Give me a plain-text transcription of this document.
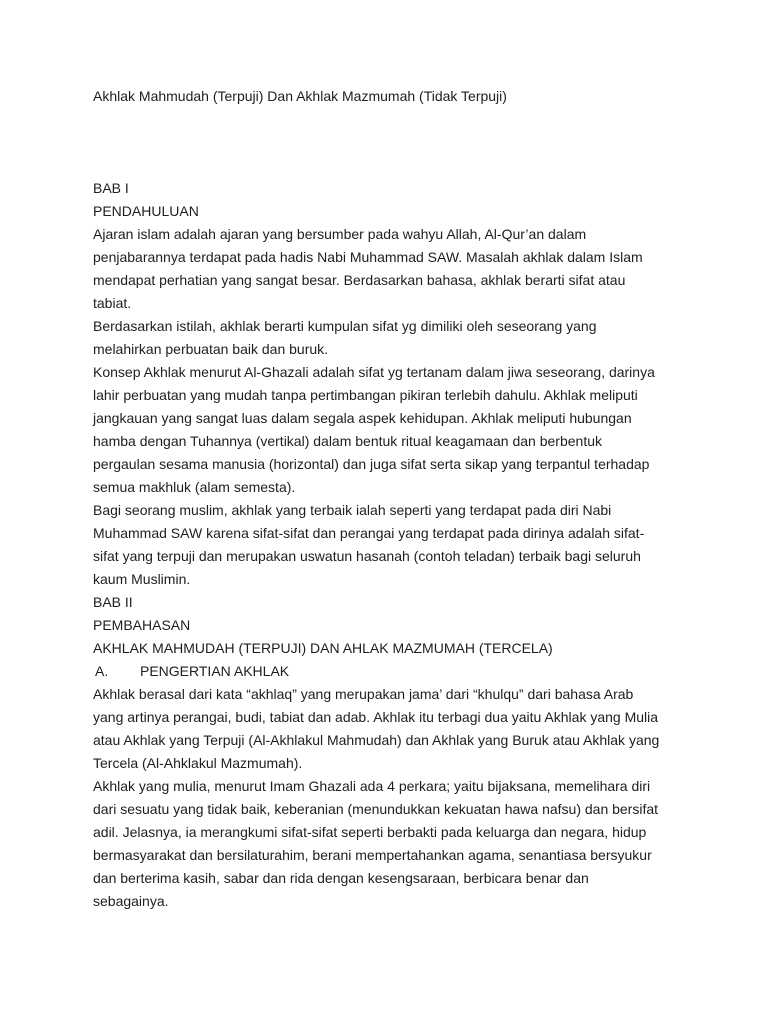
Akhlak Mahmudah (Terpuji) Dan Akhlak Mazmumah (Tidak Terpuji)
BAB I
PENDAHULUAN
Ajaran islam adalah ajaran yang bersumber pada wahyu Allah, Al-Qur’an dalam
penjabarannya terdapat pada hadis Nabi Muhammad SAW. Masalah akhlak dalam Islam
mendapat perhatian yang sangat besar. Berdasarkan bahasa, akhlak berarti sifat atau
tabiat.
Berdasarkan istilah, akhlak berarti kumpulan sifat yg dimiliki oleh seseorang yang
melahirkan perbuatan baik dan buruk.
Konsep Akhlak menurut Al-Ghazali adalah sifat yg tertanam dalam jiwa seseorang, darinya
lahir perbuatan yang mudah tanpa pertimbangan pikiran terlebih dahulu. Akhlak meliputi
jangkauan yang sangat luas dalam segala aspek kehidupan. Akhlak meliputi hubungan
hamba dengan Tuhannya (vertikal) dalam bentuk ritual keagamaan dan berbentuk
pergaulan sesama manusia (horizontal) dan juga sifat serta sikap yang terpantul terhadap
semua makhluk (alam semesta).
Bagi seorang muslim, akhlak yang terbaik ialah seperti yang terdapat pada diri Nabi
Muhammad SAW karena sifat-sifat dan perangai yang terdapat pada dirinya adalah sifat-
sifat yang terpuji dan merupakan uswatun hasanah (contoh teladan) terbaik bagi seluruh
kaum Muslimin.
BAB II
PEMBAHASAN
AKHLAK MAHMUDAH (TERPUJI) DAN AHLAK MAZMUMAH (TERCELA)
A. PENGERTIAN AKHLAK
Akhlak berasal dari kata “akhlaq” yang merupakan jama’ dari “khulqu” dari bahasa Arab
yang artinya perangai, budi, tabiat dan adab. Akhlak itu terbagi dua yaitu Akhlak yang Mulia
atau Akhlak yang Terpuji (Al-Akhlakul Mahmudah) dan Akhlak yang Buruk atau Akhlak yang
Tercela (Al-Ahklakul Mazmumah).
Akhlak yang mulia, menurut Imam Ghazali ada 4 perkara; yaitu bijaksana, memelihara diri
dari sesuatu yang tidak baik, keberanian (menundukkan kekuatan hawa nafsu) dan bersifat
adil. Jelasnya, ia merangkumi sifat-sifat seperti berbakti pada keluarga dan negara, hidup
bermasyarakat dan bersilaturahim, berani mempertahankan agama, senantiasa bersyukur
dan berterima kasih, sabar dan rida dengan kesengsaraan, berbicara benar dan
sebagainya.
